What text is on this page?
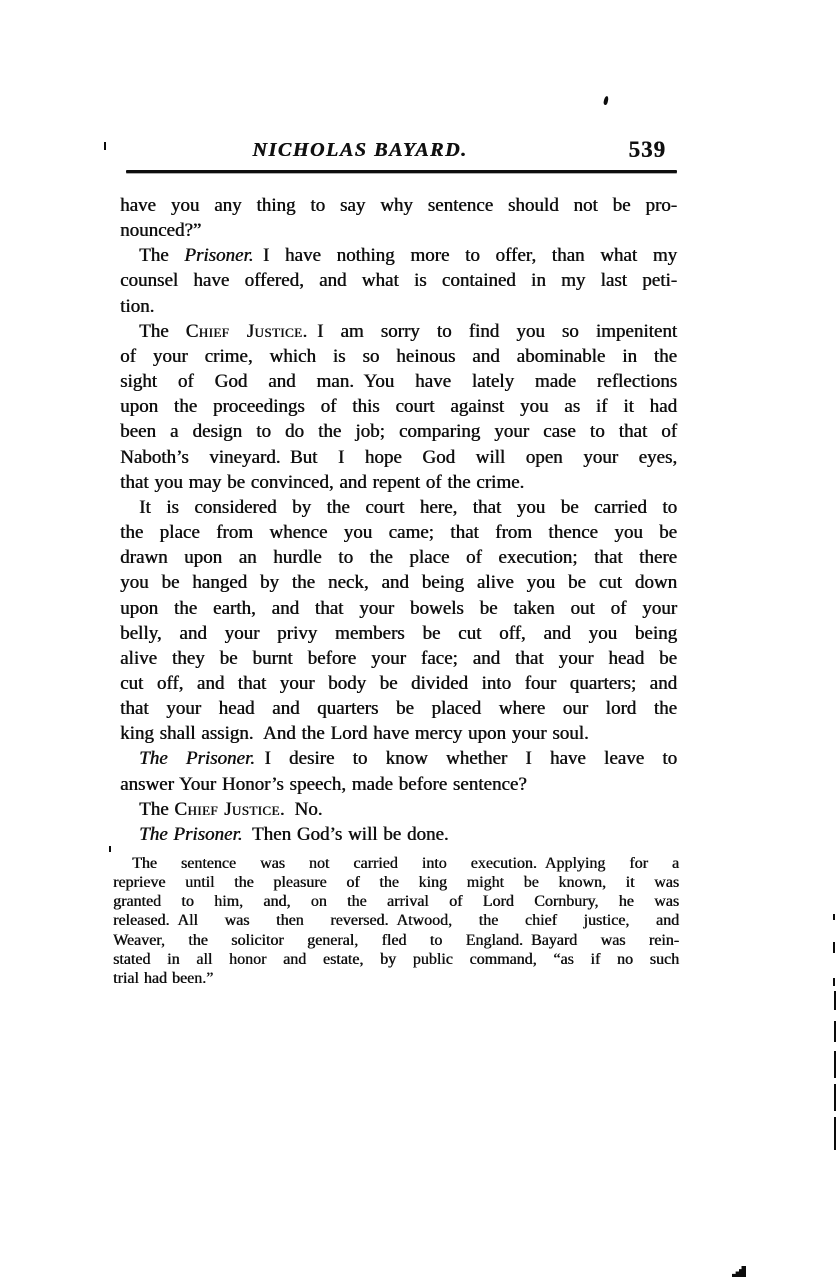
NICHOLAS BAYARD.	539
have you any thing to say why sentence should not be pro-
nounced?”
The Prisoner. I have nothing more to offer, than what my
counsel have offered, and what is contained in my last peti-
tion.
The Chief Justice. I am sorry to find you so impenitent
of your crime, which is so heinous and abominable in the
sight of God and man. You have lately made reflections
upon the proceedings of this court against you as if it had
been a design to do the job; comparing your case to that of
Naboth’s vineyard. But I hope God will open your eyes,
that you may be convinced, and repent of the crime.
It is considered by the court here, that you be carried to
the place from whence you came; that from thence you be
drawn upon an hurdle to the place of execution; that there
you be hanged by the neck, and being alive you be cut down
upon the earth, and that your bowels be taken out of your
belly, and your privy members be cut off, and you being
alive they be burnt before your face; and that your head be
cut off, and that your body be divided into four quarters; and
that your head and quarters be placed where our lord the
king shall assign. And the Lord have mercy upon your soul.
The Prisoner. I desire to know whether I have leave to
answer Your Honor’s speech, made before sentence?
The Chief Justice. No.
The Prisoner. Then God’s will be done.
The sentence was not carried into execution. Applying for a
reprieve until the pleasure of the king might be known, it was
granted to him, and, on the arrival of Lord Cornbury, he was
released. All was then reversed. Atwood, the chief justice, and
Weaver, the solicitor general, fled to England. Bayard was rein-
stated in all honor and estate, by public command, “as if no such
trial had been.”
